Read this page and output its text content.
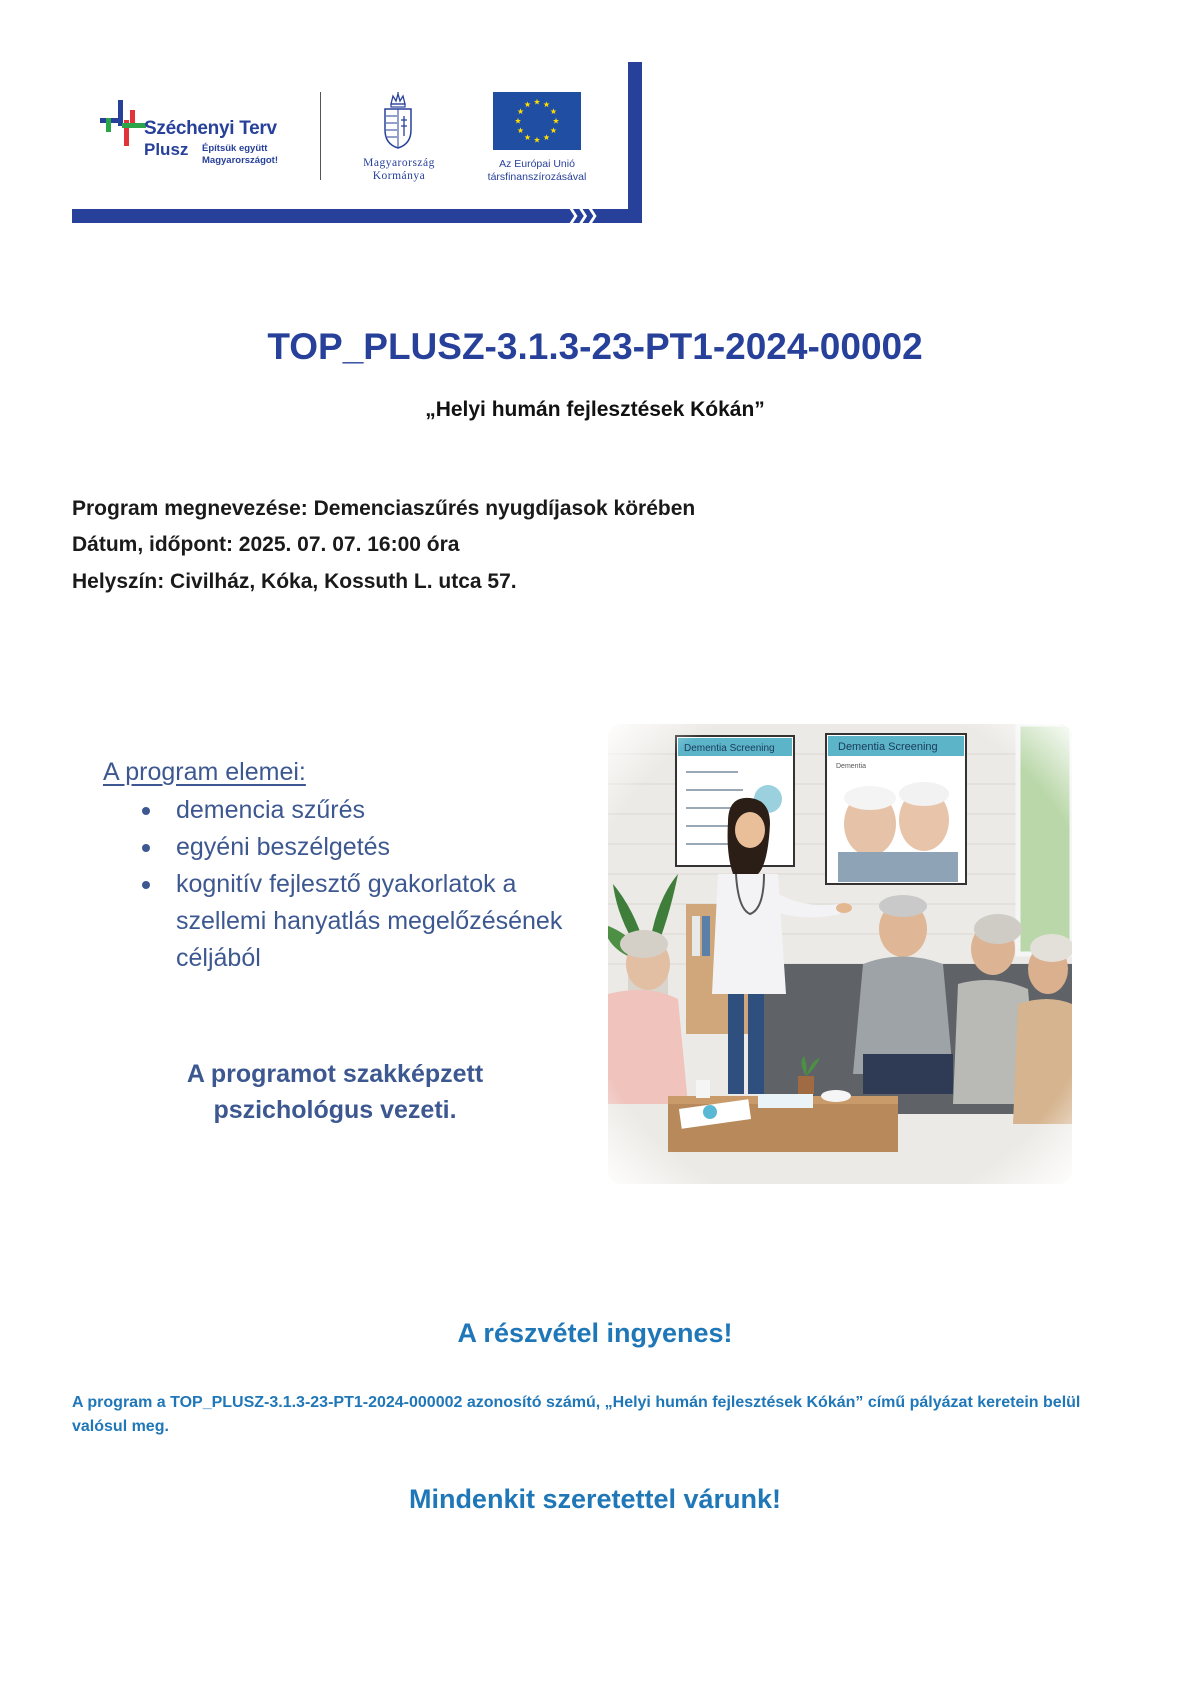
❯❯❯
∨
∨
∨
∨
Széchenyi Terv
Plusz Építsük együtt Magyarországot!	Magyarország
Kormánya
Az Európai Unió
társfinanszírozásával
TOP_PLUSZ-3.1.3-23-PT1-2024-00002
„Helyi humán fejlesztések Kókán”
Program megnevezése: Demenciaszűrés nyugdíjasok körében
Dátum, időpont: 2025. 07. 07. 16:00 óra
Helyszín: Civilház, Kóka, Kossuth L. utca 57.
A program elemei:
demencia szűrés
egyéni beszélgetés
kognitív fejlesztő gyakorlatok a szellemi hanyatlás megelőzésének céljából
A programot szakképzett pszichológus vezeti.
A részvétel ingyenes!
A program a TOP_PLUSZ-3.1.3-23-PT1-2024-000002 azonosító számú, „Helyi humán fejlesztések Kókán” című pályázat keretein belül valósul meg.
Mindenkit szeretettel várunk!
